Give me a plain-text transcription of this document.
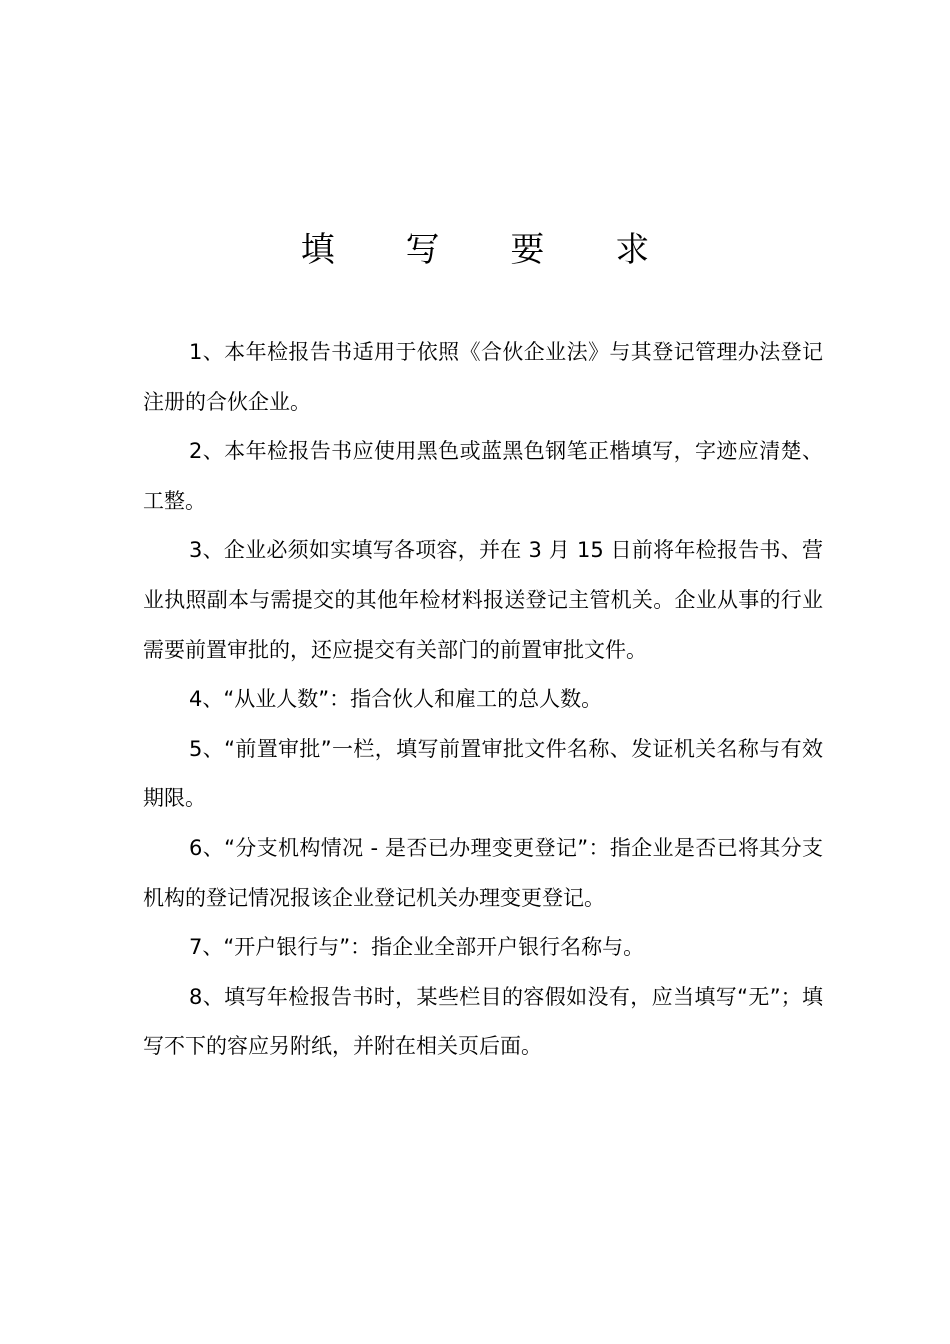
填 写 要 求

1、本年检报告书适用于依照《合伙企业法》与其登记管理办法登记注册的合伙企业。

2、本年检报告书应使用黑色或蓝黑色钢笔正楷填写，字迹应清楚、工整。

3、企业必须如实填写各项容，并在 3 月 15 日前将年检报告书、营业执照副本与需提交的其他年检材料报送登记主管机关。企业从事的行业需要前置审批的，还应提交有关部门的前置审批文件。

4、“从业人数”：指合伙人和雇工的总人数。

5、“前置审批”一栏，填写前置审批文件名称、发证机关名称与有效期限。

6、“分支机构情况 - 是否已办理变更登记”：指企业是否已将其分支机构的登记情况报该企业登记机关办理变更登记。

7、“开户银行与”：指企业全部开户银行名称与。

8、填写年检报告书时，某些栏目的容假如没有，应当填写“无”；填写不下的容应另附纸，并附在相关页后面。
